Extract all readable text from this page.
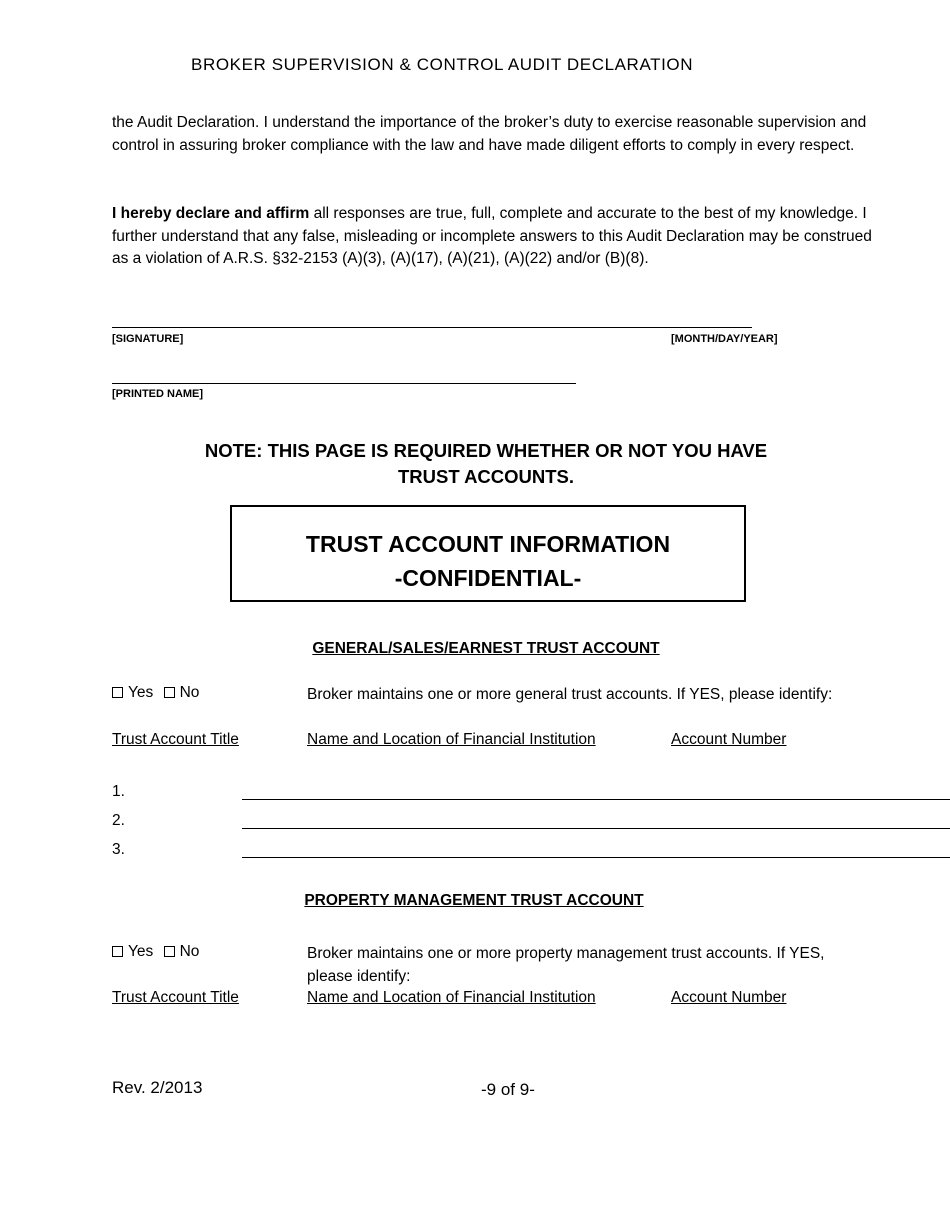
BROKER SUPERVISION & CONTROL AUDIT DECLARATION
the Audit Declaration. I understand the importance of the broker’s duty to exercise reasonable supervision and control in assuring broker compliance with the law and have made diligent efforts to comply in every respect.
I hereby declare and affirm all responses are true, full, complete and accurate to the best of my knowledge. I further understand that any false, misleading or incomplete answers to this Audit Declaration may be construed as a violation of A.R.S. §32-2153 (A)(3), (A)(17), (A)(21), (A)(22) and/or (B)(8).
[SIGNATURE]	[MONTH/DAY/YEAR]
[PRINTED NAME]
NOTE: THIS PAGE IS REQUIRED WHETHER OR NOT YOU HAVE
TRUST ACCOUNTS.
TRUST ACCOUNT INFORMATION
-CONFIDENTIAL-
GENERAL/SALES/EARNEST TRUST ACCOUNT
Yes No	Broker maintains one or more general trust accounts. If YES, please identify:
Trust Account Title	Name and Location of Financial Institution	Account Number
1.
2.
3.
PROPERTY MANAGEMENT TRUST ACCOUNT
Yes No	Broker maintains one or more property management trust accounts. If YES, please identify:
Trust Account Title	Name and Location of Financial Institution	Account Number
Rev. 2/2013	-9 of 9-
